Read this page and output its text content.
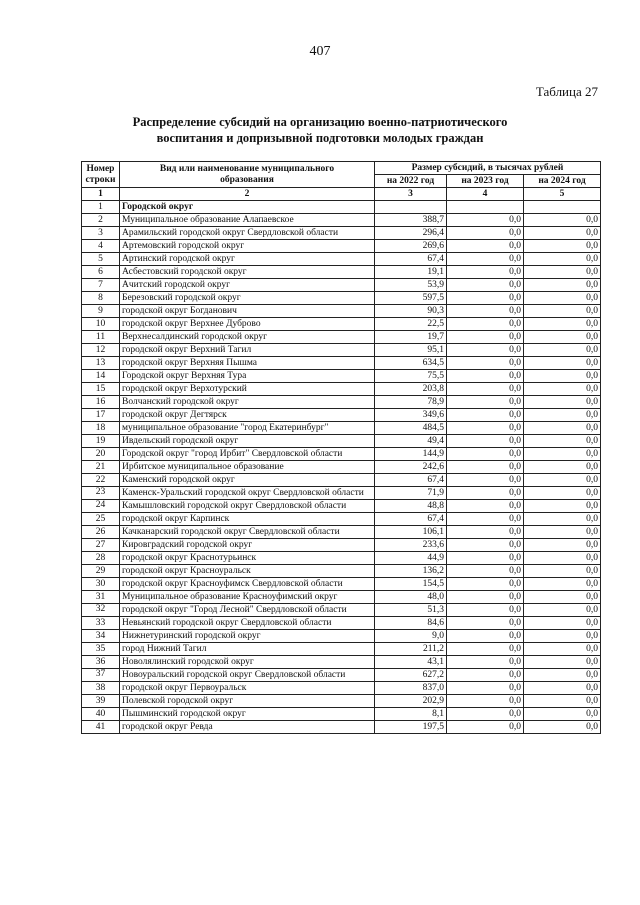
407
Таблица 27
Распределение субсидий на организацию военно-патриотического
воспитания и допризывной подготовки молодых граждан
Номер строки	Вид или наименование муниципального образования	Размер субсидий, в тысячах рублей		
		на 2022 год	на 2023 год	на 2024 год
1	2	3	4	5
1	Городской округ			
2	Муниципальное образование Алапаевское	388,7	0,0	0,0
3	Арамильский городской округ Свердловской области	296,4	0,0	0,0
4	Артемовский городской округ	269,6	0,0	0,0
5	Артинский городской округ	67,4	0,0	0,0
6	Асбестовский городской округ	19,1	0,0	0,0
7	Ачитский городской округ	53,9	0,0	0,0
8	Березовский городской округ	597,5	0,0	0,0
9	городской округ Богданович	90,3	0,0	0,0
10	городской округ Верхнее Дуброво	22,5	0,0	0,0
11	Верхнесалдинский городской округ	19,7	0,0	0,0
12	городской округ Верхний Тагил	95,1	0,0	0,0
13	городской округ Верхняя Пышма	634,5	0,0	0,0
14	Городской округ Верхняя Тура	75,5	0,0	0,0
15	городской округ Верхотурский	203,8	0,0	0,0
16	Волчанский городской округ	78,9	0,0	0,0
17	городской округ Дегтярск	349,6	0,0	0,0
18	муниципальное образование "город Екатеринбург"	484,5	0,0	0,0
19	Ивдельский городской округ	49,4	0,0	0,0
20	Городской округ "город Ирбит" Свердловской области	144,9	0,0	0,0
21	Ирбитское муниципальное образование	242,6	0,0	0,0
22	Каменский городской округ	67,4	0,0	0,0
23	Каменск-Уральский городской округ Свердловской области	71,9	0,0	0,0
24	Камышловский городской округ Свердловской области	48,8	0,0	0,0
25	городской округ Карпинск	67,4	0,0	0,0
26	Качканарский городской округ Свердловской области	106,1	0,0	0,0
27	Кировградский городской округ	233,6	0,0	0,0
28	городской округ Краснотурьинск	44,9	0,0	0,0
29	городской округ Красноуральск	136,2	0,0	0,0
30	городской округ Красноуфимск Свердловской области	154,5	0,0	0,0
31	Муниципальное образование Красноуфимский округ	48,0	0,0	0,0
32	городской округ "Город Лесной" Свердловской области	51,3	0,0	0,0
33	Невьянский городской округ Свердловской области	84,6	0,0	0,0
34	Нижнетуринский городской округ	9,0	0,0	0,0
35	город Нижний Тагил	211,2	0,0	0,0
36	Новолялинский городской округ	43,1	0,0	0,0
37	Новоуральский городской округ Свердловской области	627,2	0,0	0,0
38	городской округ Первоуральск	837,0	0,0	0,0
39	Полевской городской округ	202,9	0,0	0,0
40	Пышминский городской округ	8,1	0,0	0,0
41	городской округ Ревда	197,5	0,0	0,0
